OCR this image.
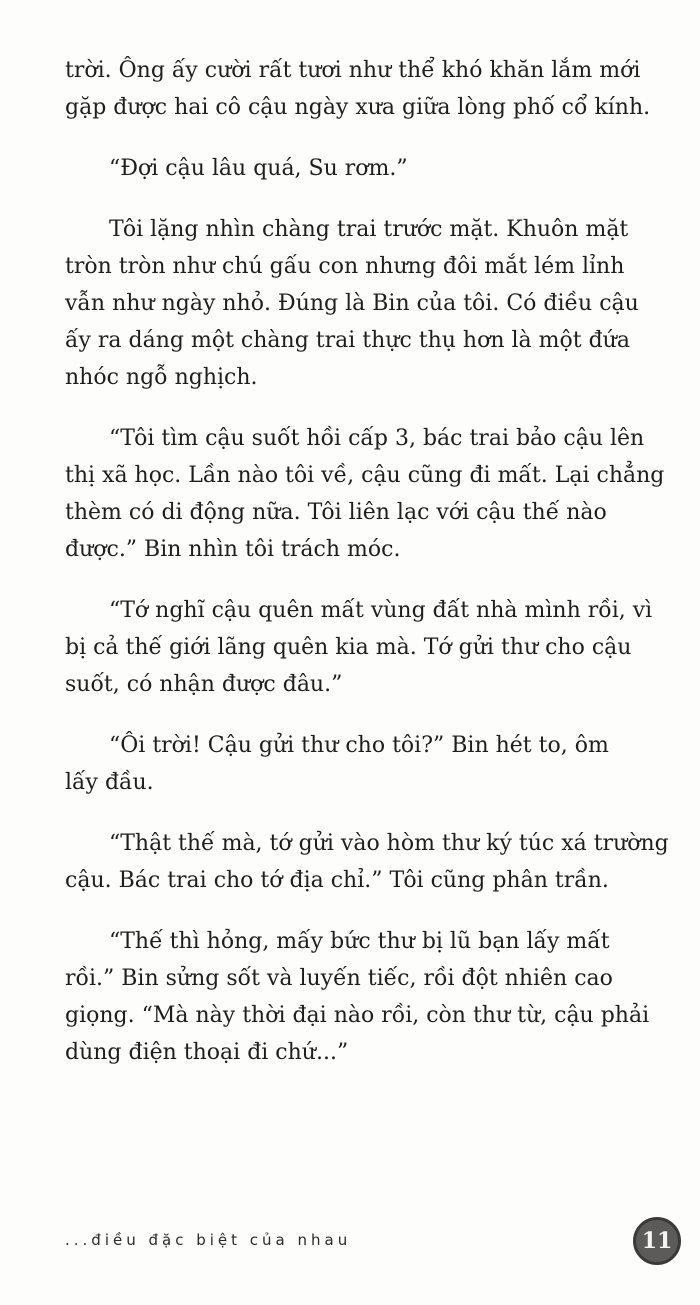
trời. Ông ấy cười rất tươi như thể khó khăn lắm mới
gặp được hai cô cậu ngày xưa giữa lòng phố cổ kính.

“Đợi cậu lâu quá, Su rơm.”

Tôi lặng nhìn chàng trai trước mặt. Khuôn mặt
tròn tròn như chú gấu con nhưng đôi mắt lém lỉnh
vẫn như ngày nhỏ. Đúng là Bin của tôi. Có điều cậu
ấy ra dáng một chàng trai thực thụ hơn là một đứa
nhóc ngỗ nghịch.

“Tôi tìm cậu suốt hồi cấp 3, bác trai bảo cậu lên
thị xã học. Lần nào tôi về, cậu cũng đi mất. Lại chẳng
thèm có di động nữa. Tôi liên lạc với cậu thế nào
được.” Bin nhìn tôi trách móc.

“Tớ nghĩ cậu quên mất vùng đất nhà mình rồi, vì
bị cả thế giới lãng quên kia mà. Tớ gửi thư cho cậu
suốt, có nhận được đâu.”

“Ôi trời! Cậu gửi thư cho tôi?” Bin hét to, ôm
lấy đầu.

“Thật thế mà, tớ gửi vào hòm thư ký túc xá trường
cậu. Bác trai cho tớ địa chỉ.” Tôi cũng phân trần.

“Thế thì hỏng, mấy bức thư bị lũ bạn lấy mất
rồi.” Bin sửng sốt và luyến tiếc, rồi đột nhiên cao
giọng. “Mà này thời đại nào rồi, còn thư từ, cậu phải
dùng điện thoại đi chứ...”

...điều đặc biệt của nhau	11
